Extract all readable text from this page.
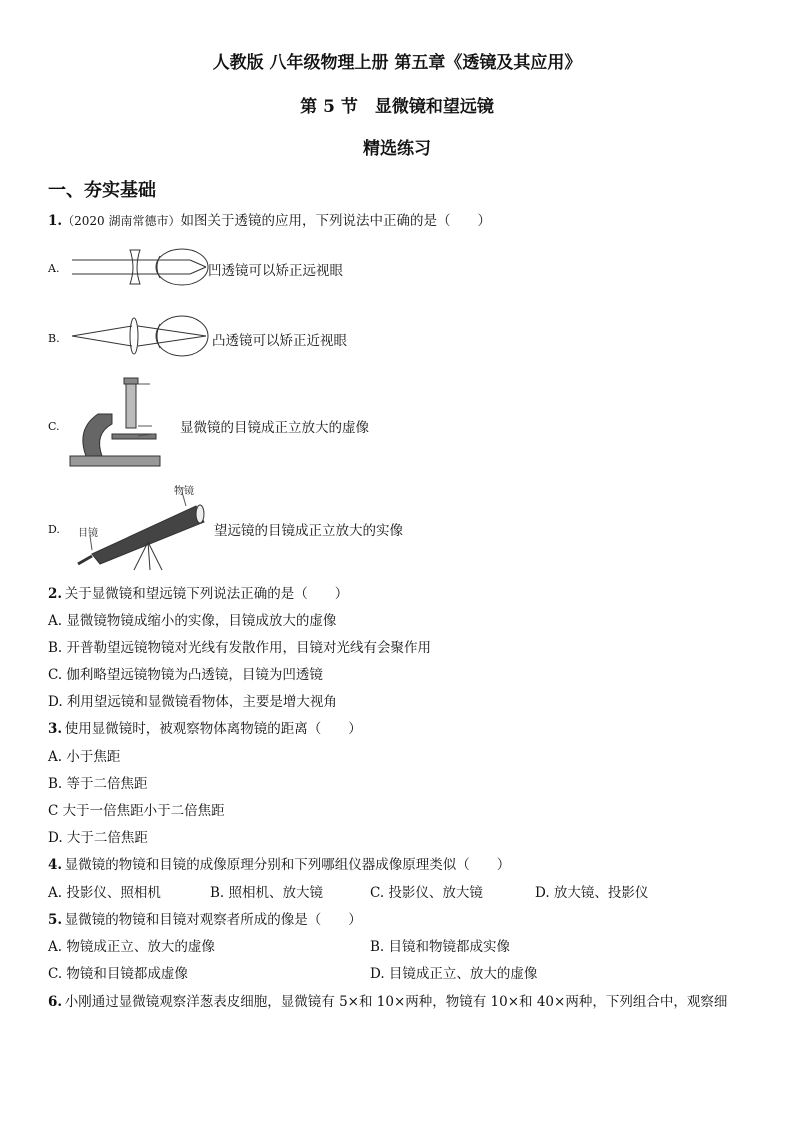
人教版 八年级物理上册 第五章《透镜及其应用》
第 5 节　显微镜和望远镜
精选练习
一、夯实基础
1.（2020 湖南常德市）如图关于透镜的应用，下列说法中正确的是（　　）
A.	凹透镜可以矫正远视眼
B.	凸透镜可以矫正近视眼
C.	显微镜的目镜成正立放大的虚像
D.
物镜
目镜	望远镜的目镜成正立放大的实像
2.  关于显微镜和望远镜下列说法正确的是（　　）
A. 显微镜物镜成缩小的实像，目镜成放大的虚像
B. 开普勒望远镜物镜对光线有发散作用，目镜对光线有会聚作用
C. 伽利略望远镜物镜为凸透镜，目镜为凹透镜
D. 利用望远镜和显微镜看物体，主要是增大视角
3.  使用显微镜时，被观察物体离物镜的距离（　　）
A. 小于焦距
B. 等于二倍焦距
C 大于一倍焦距小于二倍焦距
D. 大于二倍焦距
4.  显微镜的物镜和目镜的成像原理分别和下列哪组仪器成像原理类似（　　）
A. 投影仪、照相机	B. 照相机、放大镜	C. 投影仪、放大镜	D. 放大镜、投影仪
5.  显微镜的物镜和目镜对观察者所成的像是（　　）
A. 物镜成正立、放大的虚像	B. 目镜和物镜都成实像
C. 物镜和目镜都成虚像	D. 目镜成正立、放大的虚像
6.  小刚通过显微镜观察洋葱表皮细胞，显微镜有 5×和 10×两种，物镜有 10×和 40×两种，下列组合中，观察细
